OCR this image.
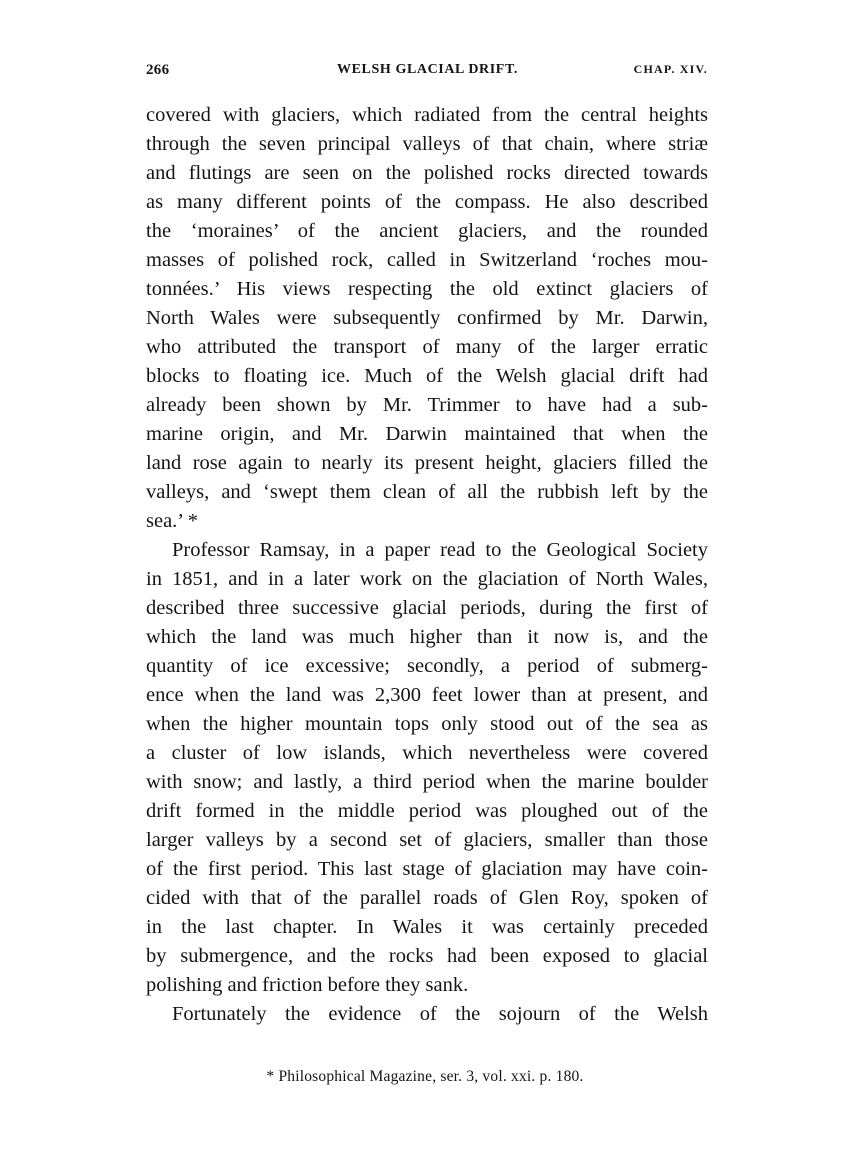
266	WELSH GLACIAL DRIFT.	CHAP. XIV.
covered with glaciers, which radiated from the central heights
through the seven principal valleys of that chain, where striæ
and flutings are seen on the polished rocks directed towards
as many different points of the compass. He also described
the ‘moraines’ of the ancient glaciers, and the rounded
masses of polished rock, called in Switzerland ‘roches mou-
tonnées.’ His views respecting the old extinct glaciers of
North Wales were subsequently confirmed by Mr. Darwin,
who attributed the transport of many of the larger erratic
blocks to floating ice. Much of the Welsh glacial drift had
already been shown by Mr. Trimmer to have had a sub-
marine origin, and Mr. Darwin maintained that when the
land rose again to nearly its present height, glaciers filled the
valleys, and ‘swept them clean of all the rubbish left by the
sea.’ *
Professor Ramsay, in a paper read to the Geological Society
in 1851, and in a later work on the glaciation of North Wales,
described three successive glacial periods, during the first of
which the land was much higher than it now is, and the
quantity of ice excessive; secondly, a period of submerg-
ence when the land was 2,300 feet lower than at present, and
when the higher mountain tops only stood out of the sea as
a cluster of low islands, which nevertheless were covered
with snow; and lastly, a third period when the marine boulder
drift formed in the middle period was ploughed out of the
larger valleys by a second set of glaciers, smaller than those
of the first period. This last stage of glaciation may have coin-
cided with that of the parallel roads of Glen Roy, spoken of
in the last chapter. In Wales it was certainly preceded
by submergence, and the rocks had been exposed to glacial
polishing and friction before they sank.
Fortunately the evidence of the sojourn of the Welsh
* Philosophical Magazine, ser. 3, vol. xxi. p. 180.
